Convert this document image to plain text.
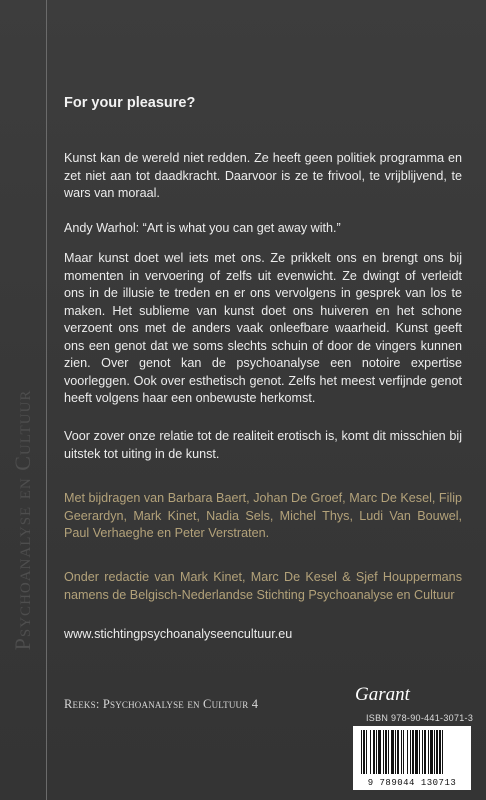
Psychoanalyse en Cultuur
For your pleasure?
Kunst kan de wereld niet redden. Ze heeft geen politiek programma en zet niet aan tot daadkracht. Daarvoor is ze te frivool, te vrijblijvend, te wars van moraal.
Andy Warhol: “Art is what you can get away with.”
Maar kunst doet wel iets met ons. Ze prikkelt ons en brengt ons bij momenten in vervoering of zelfs uit evenwicht. Ze dwingt of verleidt ons in de illusie te treden en er ons vervolgens in gesprek van los te maken. Het sublieme van kunst doet ons huiveren en het schone verzoent ons met de anders vaak onleefbare waarheid. Kunst geeft ons een genot dat we soms slechts schuin of door de vingers kunnen zien. Over genot kan de psychoanalyse een notoire expertise voorleggen. Ook over esthetisch genot. Zelfs het meest verfijnde genot heeft volgens haar een onbewuste herkomst.
Voor zover onze relatie tot de realiteit erotisch is, komt dit misschien bij uitstek tot uiting in de kunst.
Met bijdragen van Barbara Baert, Johan De Groef, Marc De Kesel, Filip Geerardyn, Mark Kinet, Nadia Sels, Michel Thys, Ludi Van Bouwel, Paul Verhaeghe en Peter Verstraten.
Onder redactie van Mark Kinet, Marc De Kesel & Sjef Houppermans namens de Belgisch-Nederlandse Stichting Psychoanalyse en Cultuur
www.stichtingpsychoanalyseencultuur.eu
Reeks: Psychoanalyse en Cultuur 4	Garant
ISBN 978-90-441-3071-3
9 789044 130713
